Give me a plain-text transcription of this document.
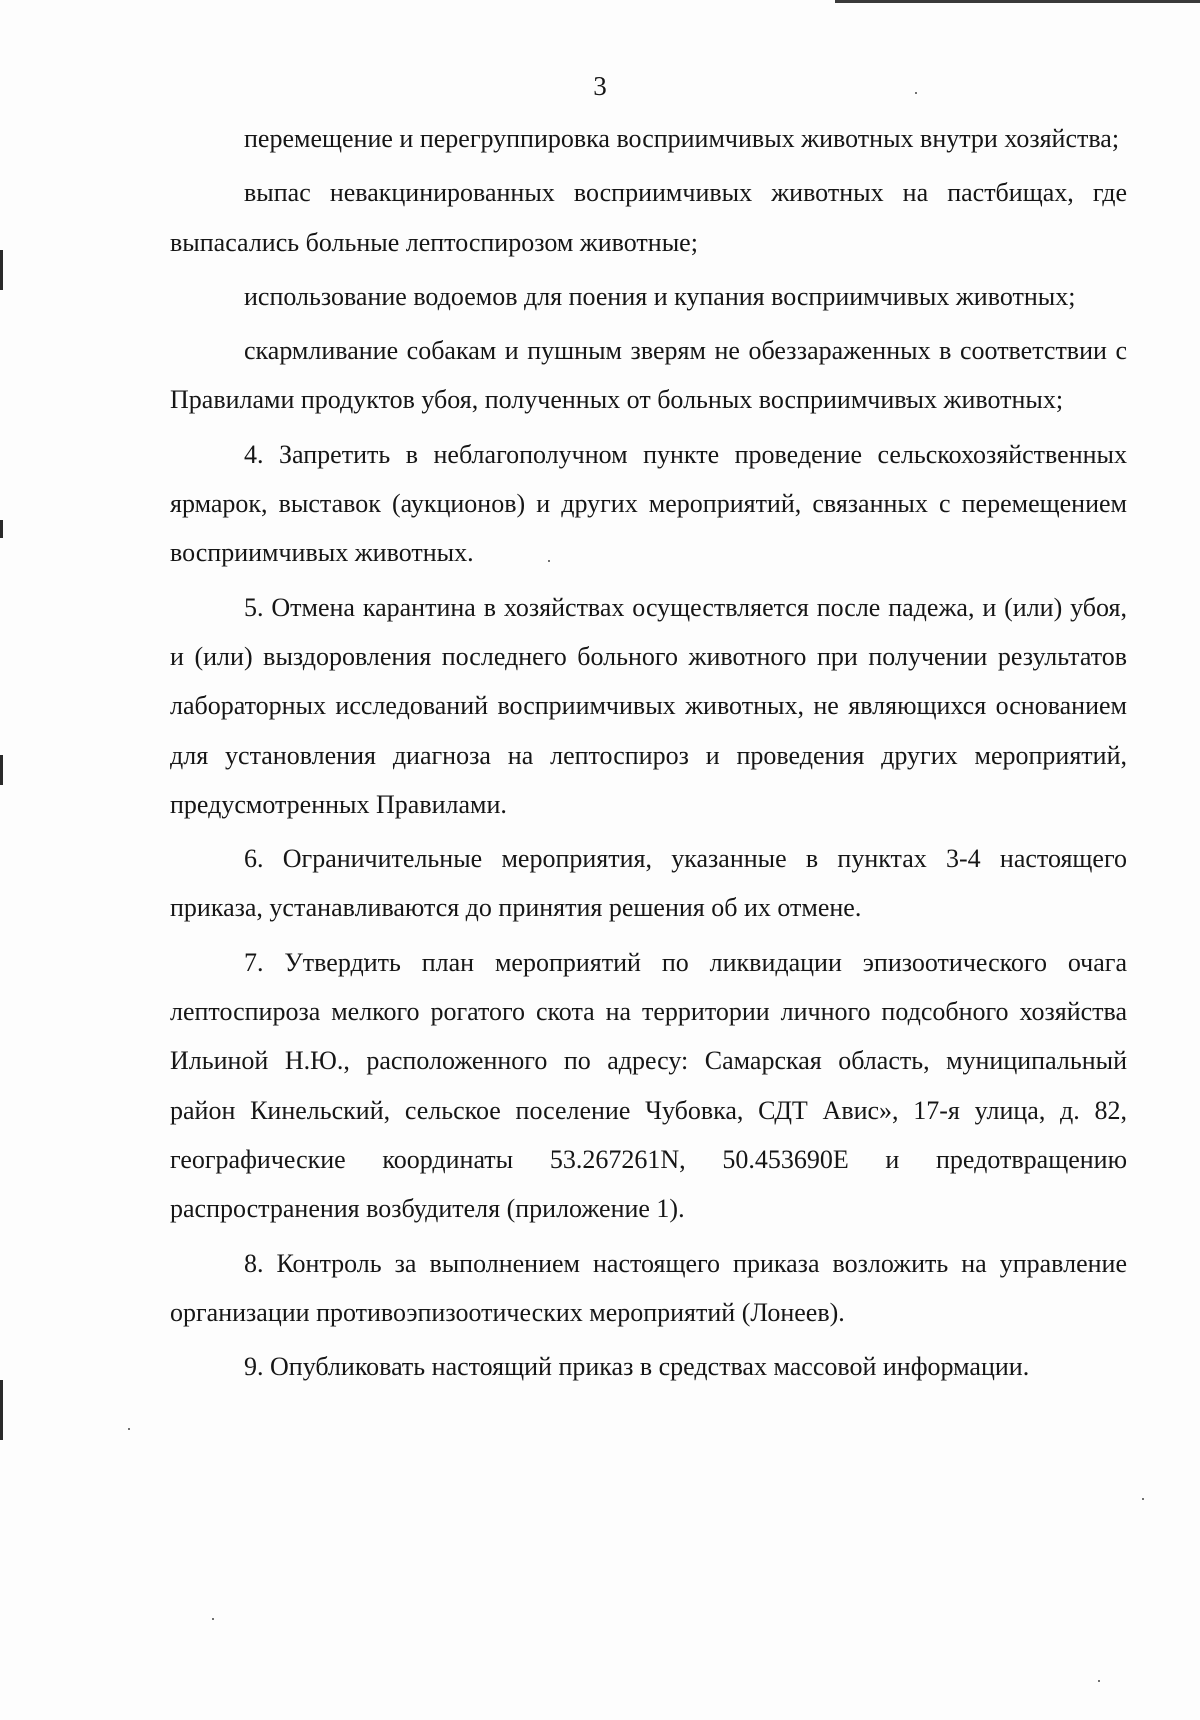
3

перемещение и перегруппировка восприимчивых животных внутри хозяйства;

выпас невакцинированных восприимчивых животных на пастбищах, где выпасались больные лептоспирозом животные;

использование водоемов для поения и купания восприимчивых животных;

скармливание собакам и пушным зверям не обеззараженных в соответствии с Правилами продуктов убоя, полученных от больных восприимчивых животных;

4. Запретить в неблагополучном пункте проведение сельскохозяйственных ярмарок, выставок (аукционов) и других мероприятий, связанных с перемещением восприимчивых животных.

5. Отмена карантина в хозяйствах осуществляется после падежа, и (или) убоя, и (или) выздоровления последнего больного животного при получении результатов лабораторных исследований восприимчивых животных, не являющихся основанием для установления диагноза на лептоспироз и проведения других мероприятий, предусмотренных Правилами.

6. Ограничительные мероприятия, указанные в пунктах 3-4 настоящего приказа, устанавливаются до принятия решения об их отмене.

7. Утвердить план мероприятий по ликвидации эпизоотического очага лептоспироза мелкого рогатого скота на территории личного подсобного хозяйства Ильиной Н.Ю., расположенного по адресу: Самарская область, муниципальный район Кинельский, сельское поселение Чубовка, СДТ Авис», 17-я улица, д. 82, географические координаты 53.267261N, 50.453690E и предотвращению распространения возбудителя (приложение 1).

8. Контроль за выполнением настоящего приказа возложить на управление организации противоэпизоотических мероприятий (Лонеев).

9. Опубликовать настоящий приказ в средствах массовой информации.
